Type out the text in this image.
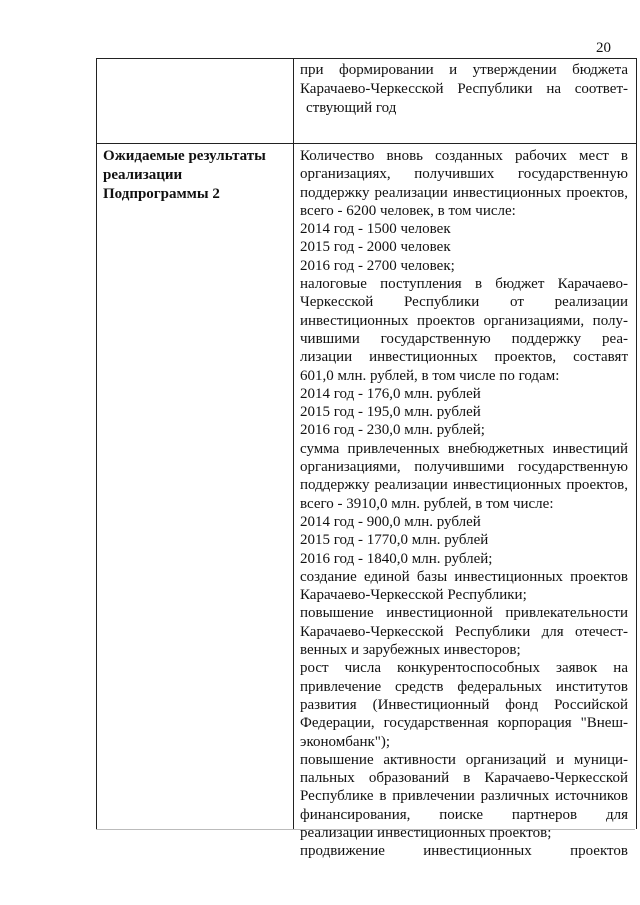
20
при формировании и утверждении бюджета
Карачаево-Черкесской Республики на соответ-
ствующий год
Ожидаемые результаты
реализации
Подпрограммы 2
Количество вновь созданных рабочих мест в
организациях, получивших государственную
поддержку реализации инвестиционных проектов,
всего - 6200 человек, в том числе:
2014 год - 1500 человек
2015 год - 2000 человек
2016 год - 2700 человек;
налоговые поступления в бюджет Карачаево-
Черкесской Республики от реализации
инвестиционных проектов организациями, полу-
чившими государственную поддержку реа-
лизации инвестиционных проектов, составят
601,0 млн. рублей, в том числе по годам:
2014 год - 176,0 млн. рублей
2015 год - 195,0 млн. рублей
2016 год - 230,0 млн. рублей;
сумма привлеченных внебюджетных инвестиций
организациями, получившими государственную
поддержку реализации инвестиционных проектов,
всего - 3910,0 млн. рублей, в том числе:
2014 год - 900,0 млн. рублей
2015 год - 1770,0 млн. рублей
2016 год - 1840,0 млн. рублей;
создание единой базы инвестиционных проектов
Карачаево-Черкесской Республики;
повышение инвестиционной привлекательности
Карачаево-Черкесской Республики для отечест-
венных и зарубежных инвесторов;
рост числа конкурентоспособных заявок на
привлечение средств федеральных институтов
развития (Инвестиционный фонд Российской
Федерации, государственная корпорация "Внеш-
экономбанк");
повышение активности организаций и муници-
пальных образований в Карачаево-Черкесской
Республике в привлечении различных источников
финансирования, поиске партнеров для
реализации инвестиционных проектов;
продвижение инвестиционных проектов
